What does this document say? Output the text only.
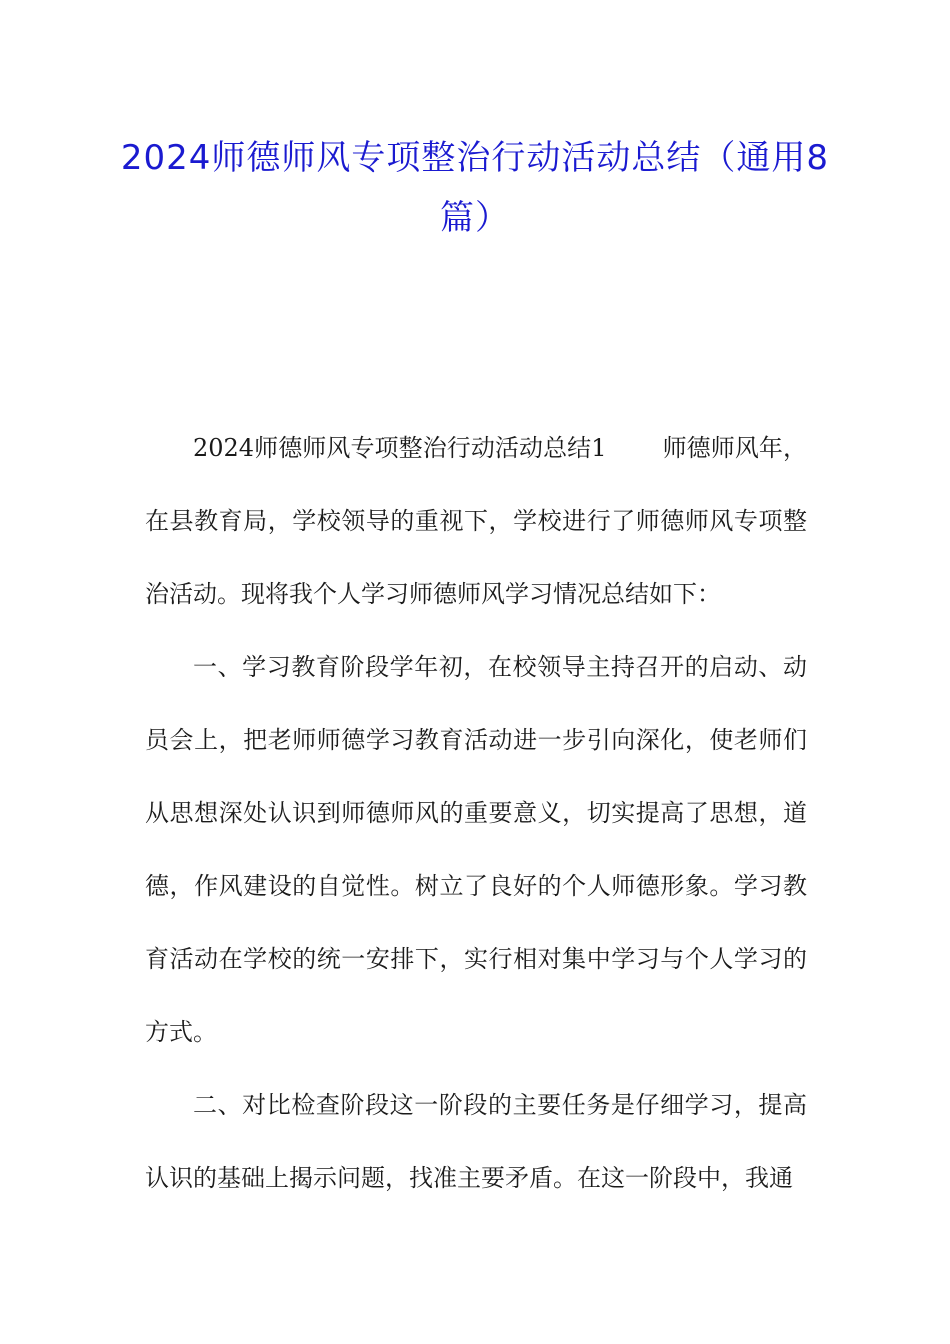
2024师德师风专项整治行动活动总结（通用8篇）

2024师德师风专项整治行动活动总结1 师德师风年，在县教育局，学校领导的重视下，学校进行了师德师风专项整治活动。现将我个人学习师德师风学习情况总结如下：

一、学习教育阶段学年初，在校领导主持召开的启动、动员会上，把老师师德学习教育活动进一步引向深化，使老师们从思想深处认识到师德师风的重要意义，切实提高了思想，道德，作风建设的自觉性。树立了良好的个人师德形象。学习教育活动在学校的统一安排下，实行相对集中学习与个人学习的方式。

二、对比检查阶段这一阶段的主要任务是仔细学习，提高认识的基础上揭示问题，找准主要矛盾。在这一阶段中，我通
